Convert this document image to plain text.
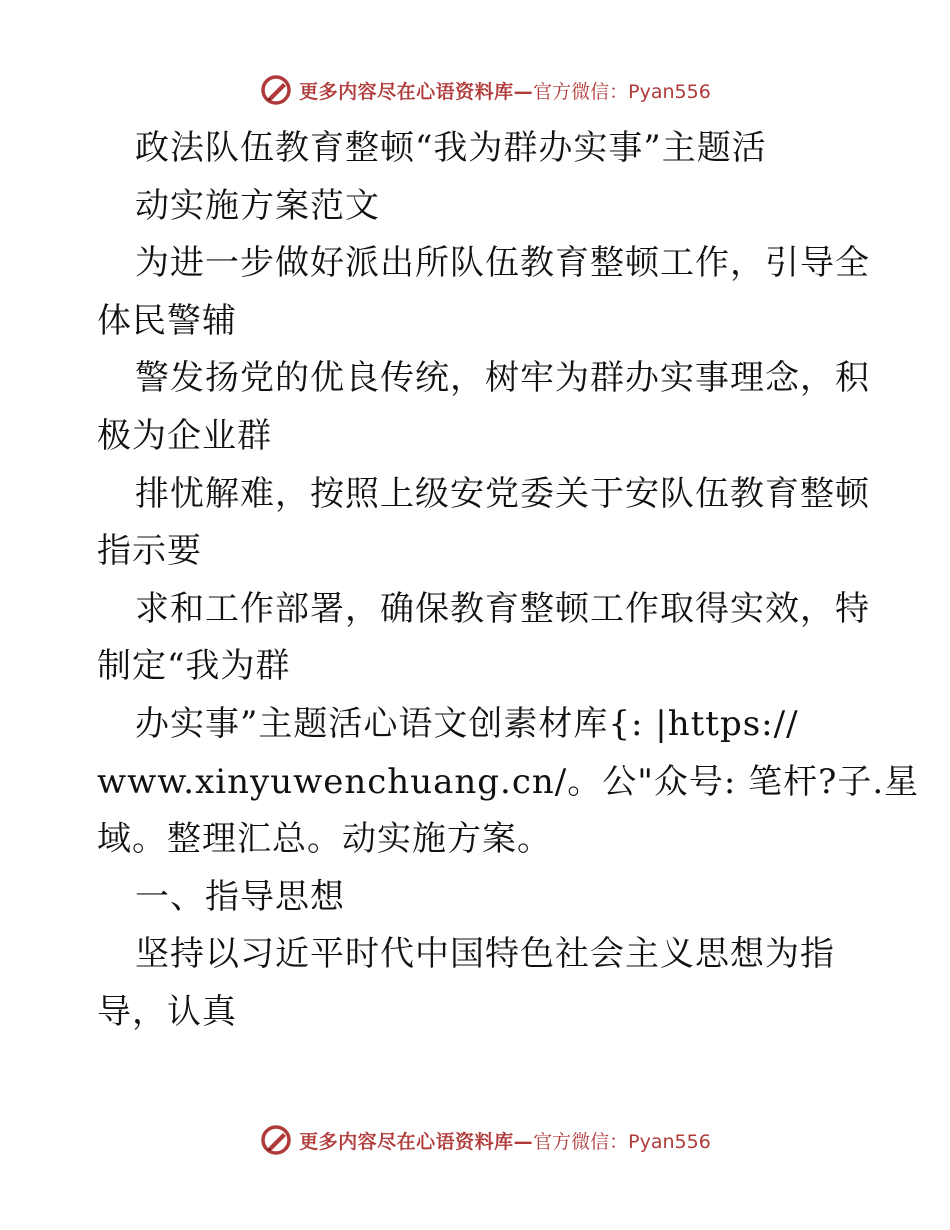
更多内容尽在心语资料库— 官方微信：Pyan556
政法队伍教育整顿“我为群办实事”主题活
动实施方案范文
为进一步做好派出所队伍教育整顿工作，引导全
体民警辅
警发扬党的优良传统，树牢为群办实事理念，积
极为企业群
排忧解难，按照上级安党委关于安队伍教育整顿
指示要
求和工作部署，确保教育整顿工作取得实效，特
制定“我为群
办实事”主题活心语文创素材库{: |https://
www.xinyuwenchuang.cn/。公"众号: 笔杆?子.星
域。整理汇总。动实施方案。
一、指导思想
坚持以习近平时代中国特色社会主义思想为指
导，认真
更多内容尽在心语资料库— 官方微信：Pyan556
